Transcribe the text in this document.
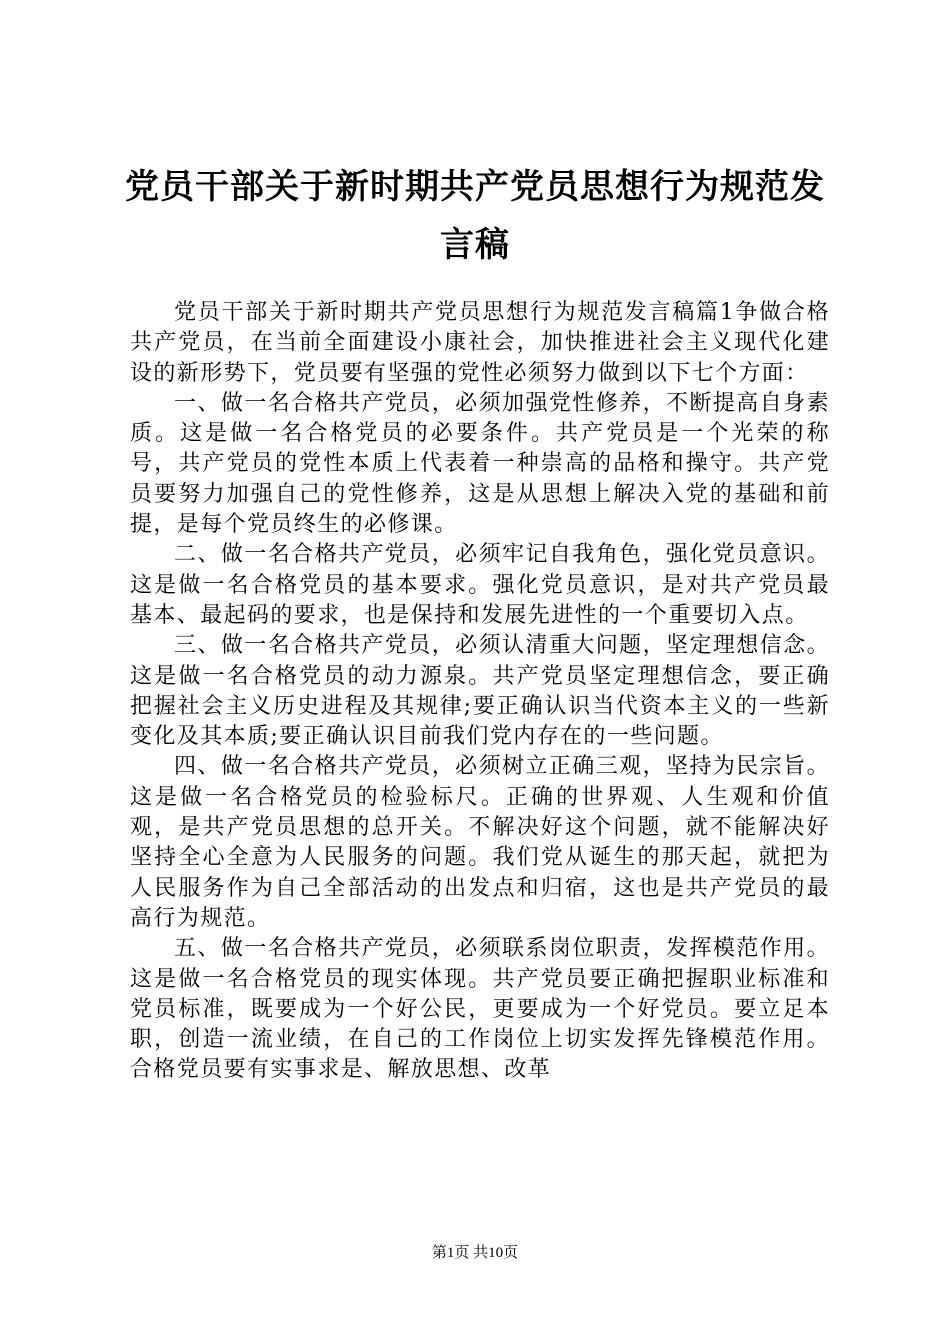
党员干部关于新时期共产党员思想行为规范发言稿

党员干部关于新时期共产党员思想行为规范发言稿篇1争做合格共产党员，在当前全面建设小康社会，加快推进社会主义现代化建设的新形势下，党员要有坚强的党性必须努力做到以下七个方面：

一、做一名合格共产党员，必须加强党性修养，不断提高自身素质。这是做一名合格党员的必要条件。共产党员是一个光荣的称号，共产党员的党性本质上代表着一种崇高的品格和操守。共产党员要努力加强自己的党性修养，这是从思想上解决入党的基础和前提，是每个党员终生的必修课。

二、做一名合格共产党员，必须牢记自我角色，强化党员意识。这是做一名合格党员的基本要求。强化党员意识，是对共产党员最基本、最起码的要求，也是保持和发展先进性的一个重要切入点。

三、做一名合格共产党员，必须认清重大问题，坚定理想信念。这是做一名合格党员的动力源泉。共产党员坚定理想信念，要正确把握社会主义历史进程及其规律;要正确认识当代资本主义的一些新变化及其本质;要正确认识目前我们党内存在的一些问题。

四、做一名合格共产党员，必须树立正确三观，坚持为民宗旨。这是做一名合格党员的检验标尺。正确的世界观、人生观和价值观，是共产党员思想的总开关。不解决好这个问题，就不能解决好坚持全心全意为人民服务的问题。我们党从诞生的那天起，就把为人民服务作为自己全部活动的出发点和归宿，这也是共产党员的最高行为规范。

五、做一名合格共产党员，必须联系岗位职责，发挥模范作用。这是做一名合格党员的现实体现。共产党员要正确把握职业标准和党员标准，既要成为一个好公民，更要成为一个好党员。要立足本职，创造一流业绩，在自己的工作岗位上切实发挥先锋模范作用。合格党员要有实事求是、解放思想、改革

第1页 共10页
